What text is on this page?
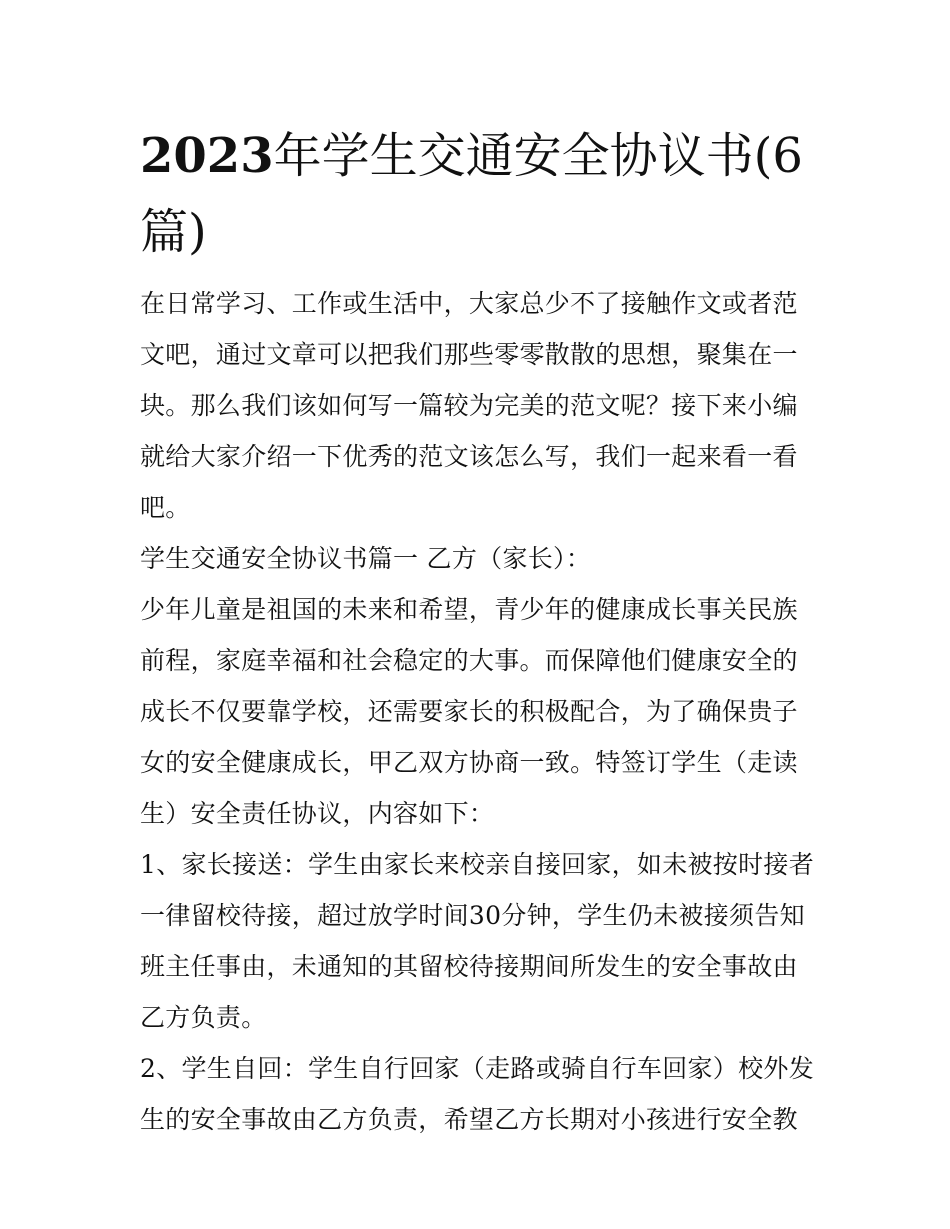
2023年学生交通安全协议书(6篇)

在日常学习、工作或生活中，大家总少不了接触作文或者范文吧，通过文章可以把我们那些零零散散的思想，聚集在一块。那么我们该如何写一篇较为完美的范文呢？接下来小编就给大家介绍一下优秀的范文该怎么写，我们一起来看一看吧。

学生交通安全协议书篇一 乙方（家长）：

少年儿童是祖国的未来和希望，青少年的健康成长事关民族前程，家庭幸福和社会稳定的大事。而保障他们健康安全的成长不仅要靠学校，还需要家长的积极配合，为了确保贵子女的安全健康成长，甲乙双方协商一致。特签订学生（走读生）安全责任协议，内容如下：

1、家长接送：学生由家长来校亲自接回家，如未被按时接者一律留校待接，超过放学时间30分钟，学生仍未被接须告知班主任事由，未通知的其留校待接期间所发生的安全事故由乙方负责。

2、学生自回：学生自行回家（走路或骑自行车回家）校外发生的安全事故由乙方负责，希望乙方长期对小孩进行安全教
